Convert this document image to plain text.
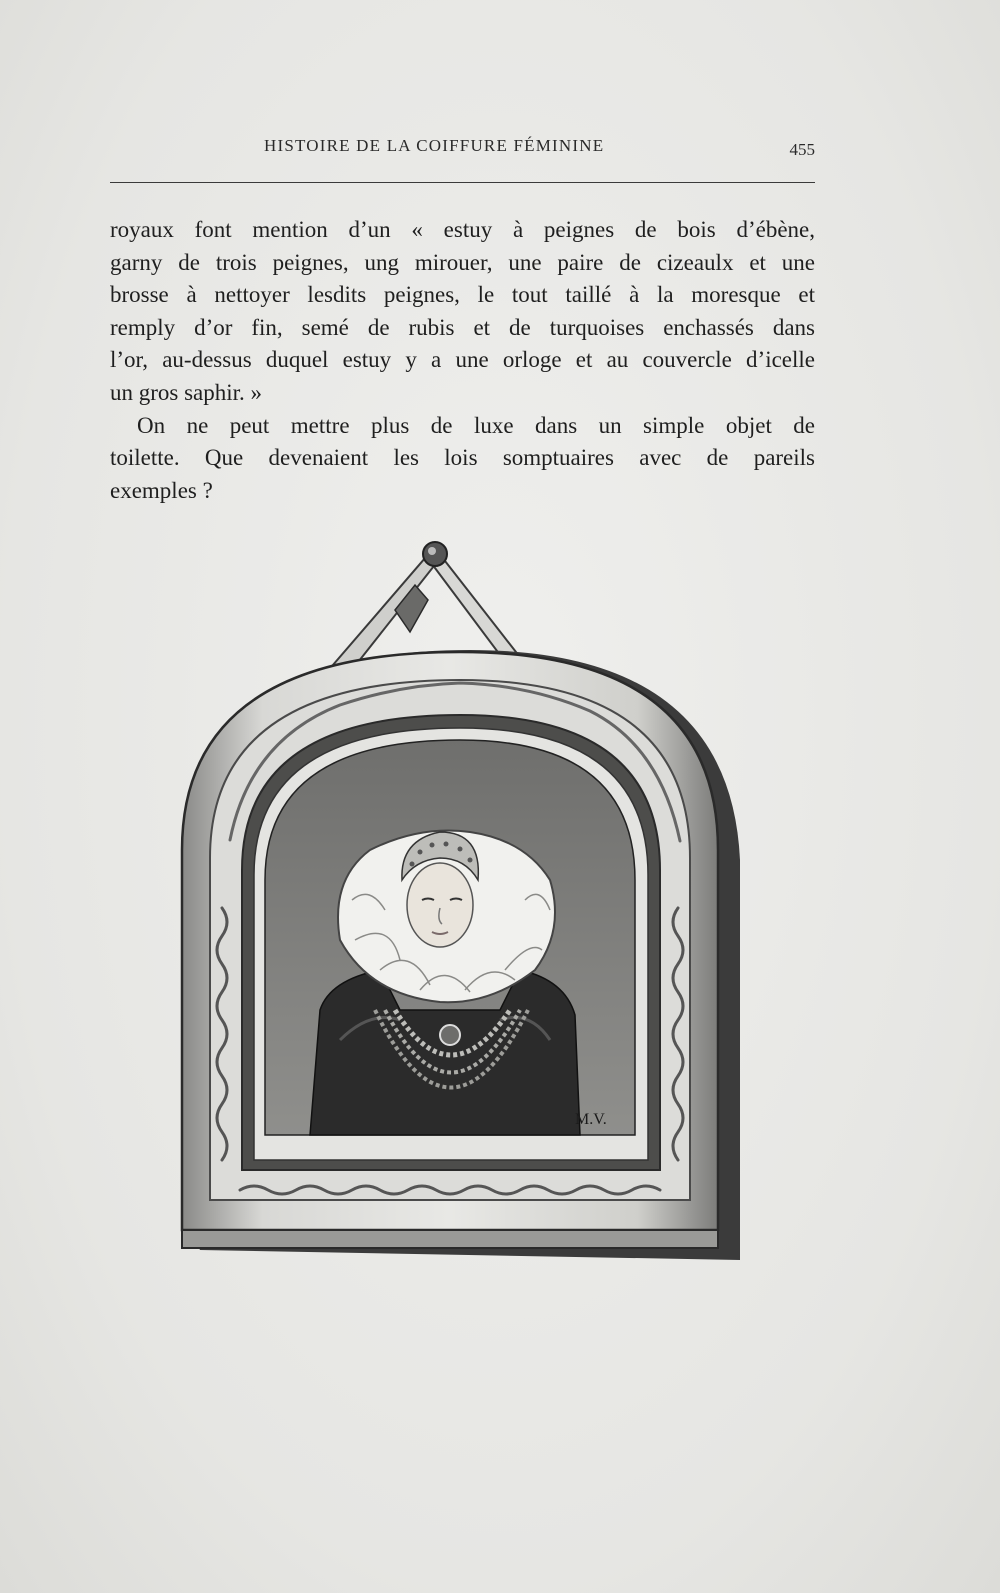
HISTOIRE DE LA COIFFURE FÉMININE	455
royaux font mention d’un « estuy à peignes de bois d’ébène,
garny de trois peignes, ung mirouer, une paire de cizeaulx et une
brosse à nettoyer lesdits peignes, le tout taillé à la moresque et
remply d’or fin, semé de rubis et de turquoises enchassés dans
l’or, au-dessus duquel estuy y a une orloge et au couvercle d’icelle
un gros saphir. »
On ne peut mettre plus de luxe dans un simple objet de
toilette. Que devenaient les lois somptuaires avec de pareils
exemples ?
M.V.
